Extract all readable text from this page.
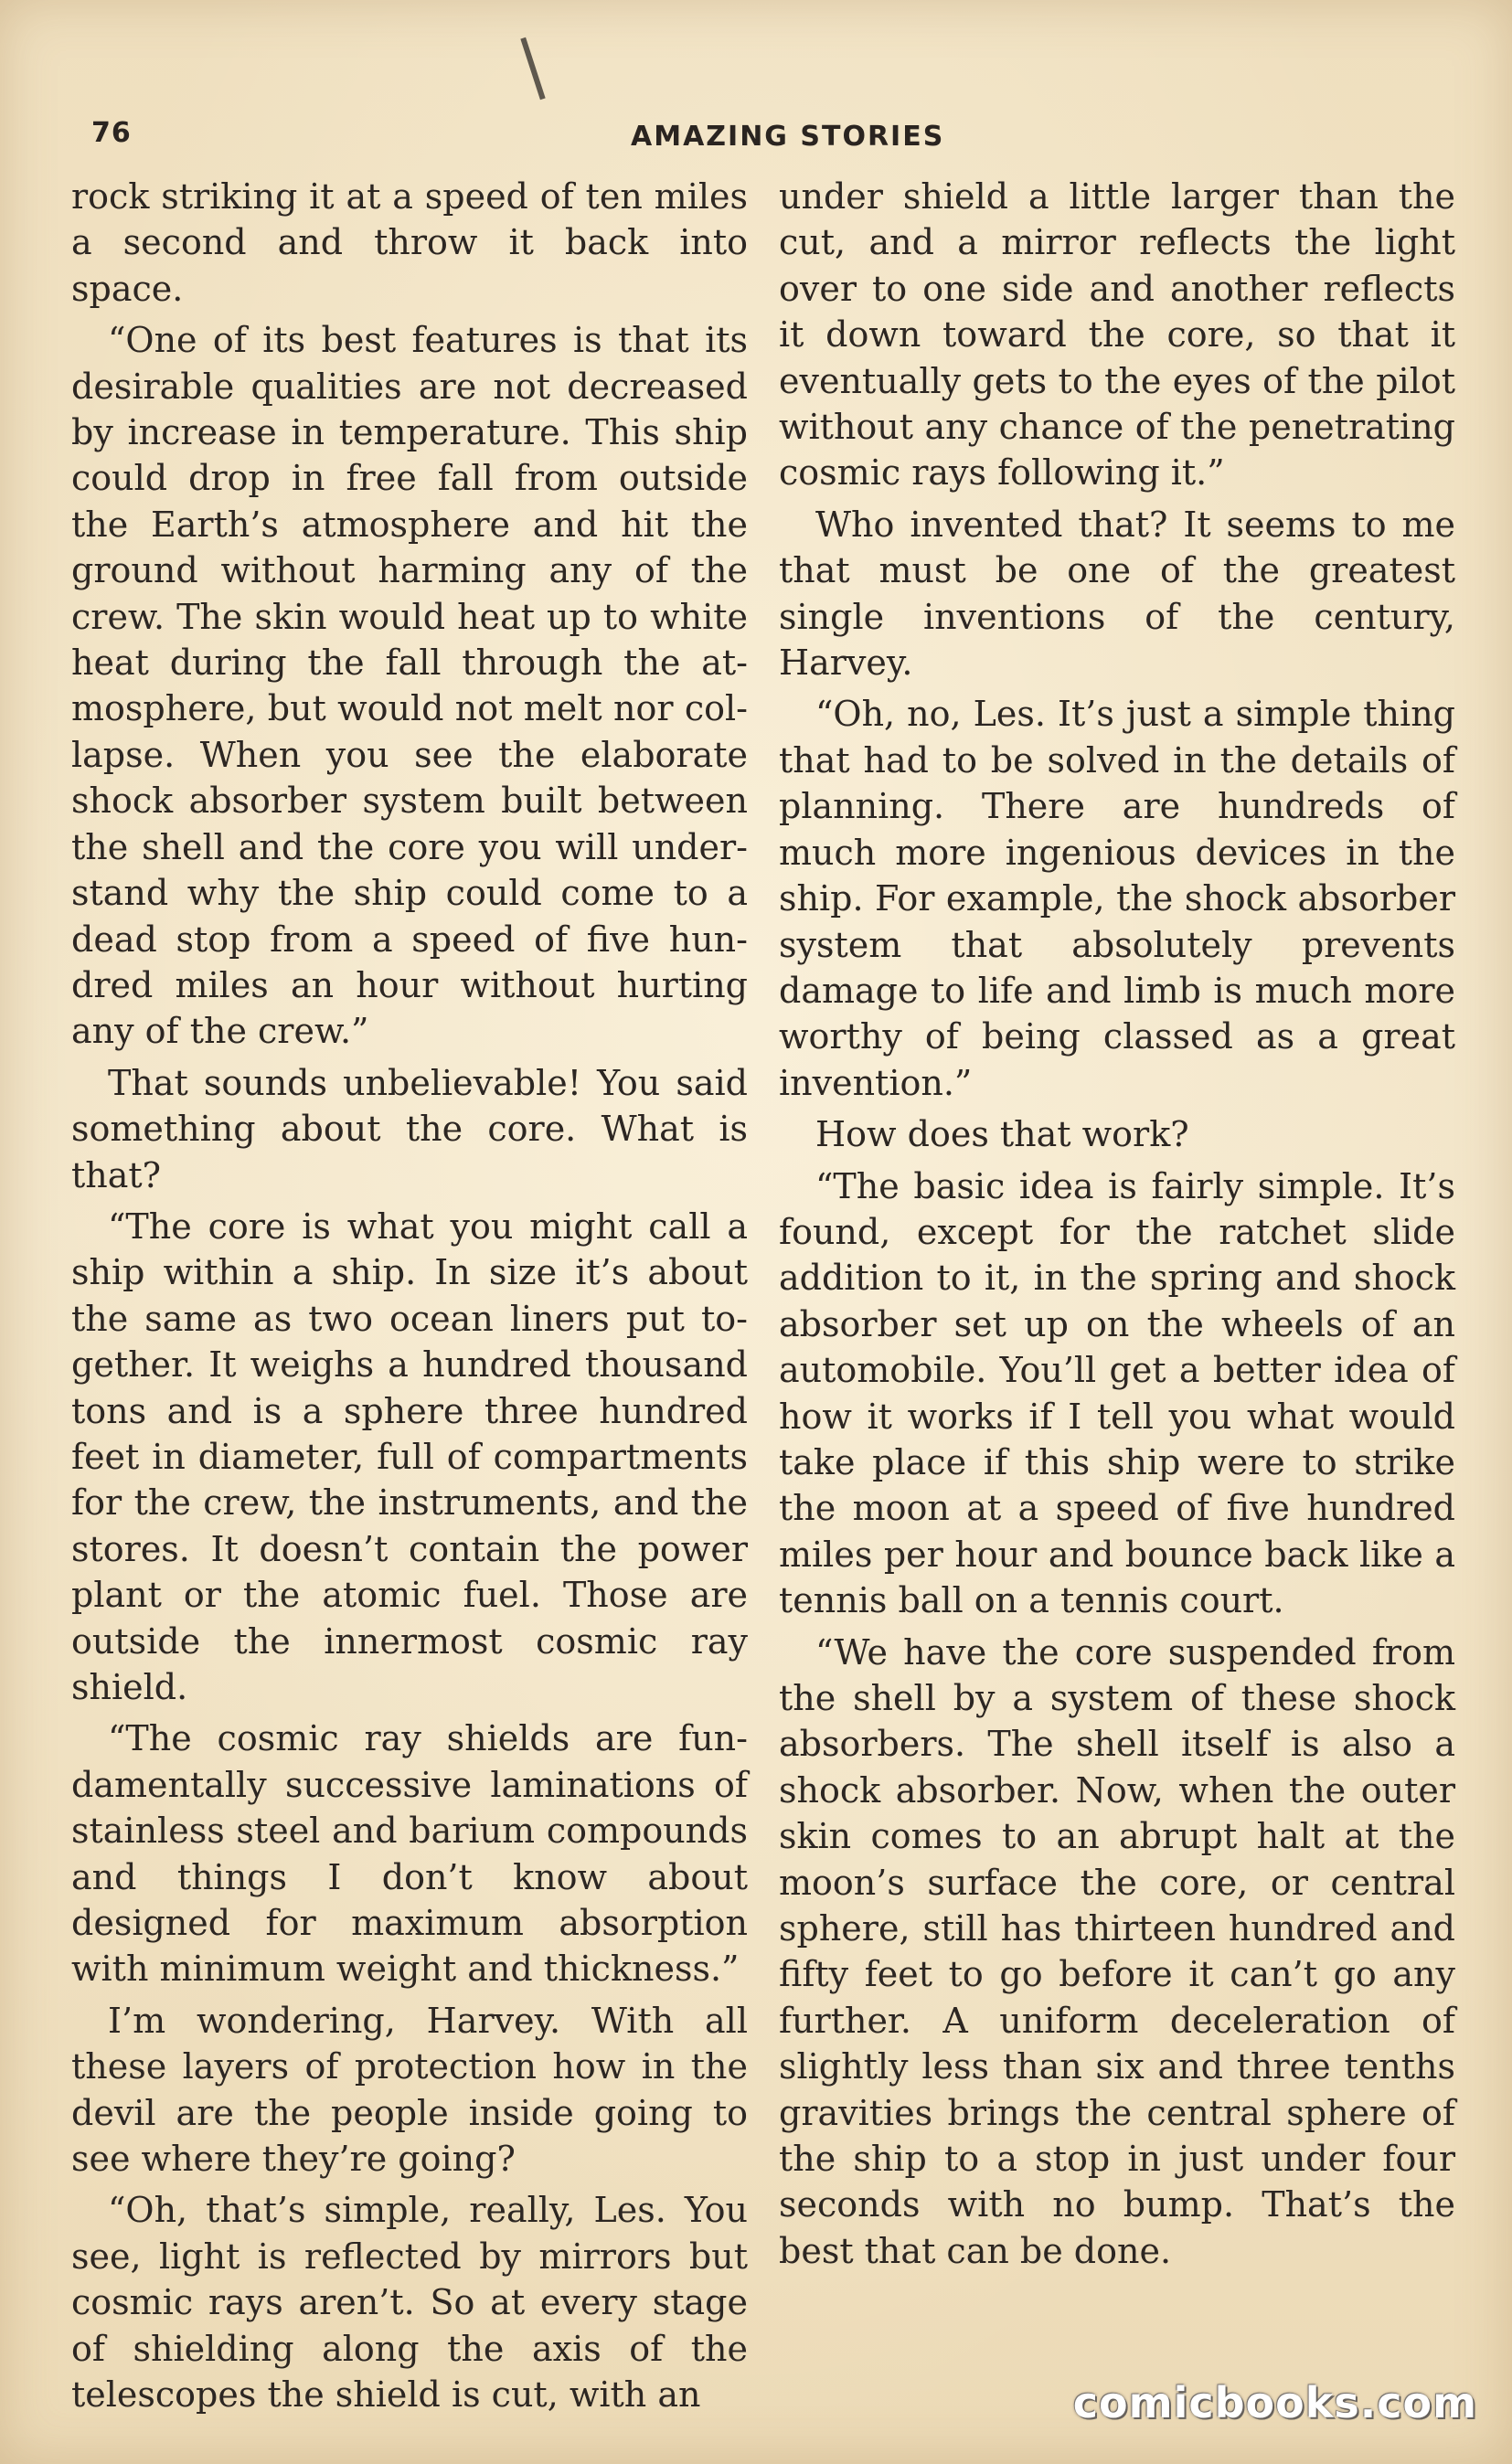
76	AMAZING STORIES

rock striking it at a speed of ten miles a second and throw it back into space.

“One of its best features is that its desirable qualities are not decreased by increase in temperature. This ship could drop in free fall from outside the Earth’s atmosphere and hit the ground without harming any of the crew. The skin would heat up to white heat during the fall through the atmosphere, but would not melt nor collapse. When you see the elaborate shock absorber system built between the shell and the core you will understand why the ship could come to a dead stop from a speed of five hundred miles an hour without hurting any of the crew.”

That sounds unbelievable! You said something about the core. What is that?

“The core is what you might call a ship within a ship. In size it’s about the same as two ocean liners put together. It weighs a hundred thousand tons and is a sphere three hundred feet in diameter, full of compartments for the crew, the instruments, and the stores. It doesn’t contain the power plant or the atomic fuel. Those are outside the innermost cosmic ray shield.

“The cosmic ray shields are fundamentally successive laminations of stainless steel and barium compounds and things I don’t know about designed for maximum absorption with minimum weight and thickness.”

I’m wondering, Harvey. With all these layers of protection how in the devil are the people inside going to see where they’re going?

“Oh, that’s simple, really, Les. You see, light is reflected by mirrors but cosmic rays aren’t. So at every stage of shielding along the axis of the telescopes the shield is cut, with an

under shield a little larger than the cut, and a mirror reflects the light over to one side and another reflects it down toward the core, so that it eventually gets to the eyes of the pilot without any chance of the penetrating cosmic rays following it.”

Who invented that? It seems to me that must be one of the greatest single inventions of the century, Harvey.

“Oh, no, Les. It’s just a simple thing that had to be solved in the details of planning. There are hundreds of much more ingenious devices in the ship. For example, the shock absorber system that absolutely prevents damage to life and limb is much more worthy of being classed as a great invention.”

How does that work?

“The basic idea is fairly simple. It’s found, except for the ratchet slide addition to it, in the spring and shock absorber set up on the wheels of an automobile. You’ll get a better idea of how it works if I tell you what would take place if this ship were to strike the moon at a speed of five hundred miles per hour and bounce back like a tennis ball on a tennis court.

“We have the core suspended from the shell by a system of these shock absorbers. The shell itself is also a shock absorber. Now, when the outer skin comes to an abrupt halt at the moon’s surface the core, or central sphere, still has thirteen hundred and fifty feet to go before it can’t go any further. A uniform deceleration of slightly less than six and three tenths gravities brings the central sphere of the ship to a stop in just under four seconds with no bump. That’s the best that can be done.

comicbooks.com
